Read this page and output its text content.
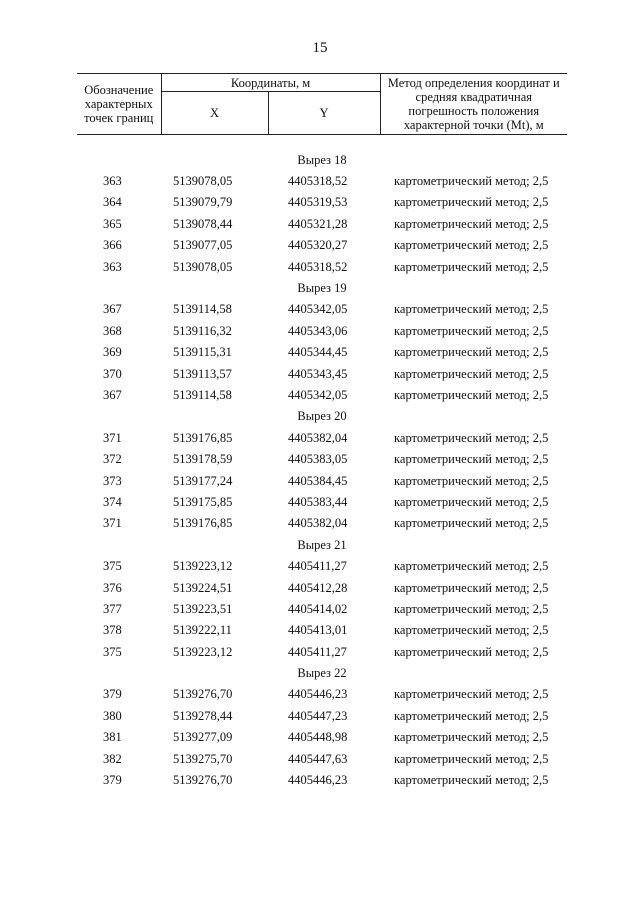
15
Обозначение характерных точек границ	Координаты, м		Метод определения координат и средняя квадратичная погрешность положения характерной точки (Mt), м
	X	Y	

Вырез 18			
363	5139078,05	4405318,52	картометрический метод; 2,5
364	5139079,79	4405319,53	картометрический метод; 2,5
365	5139078,44	4405321,28	картометрический метод; 2,5
366	5139077,05	4405320,27	картометрический метод; 2,5
363	5139078,05	4405318,52	картометрический метод; 2,5
Вырез 19			
367	5139114,58	4405342,05	картометрический метод; 2,5
368	5139116,32	4405343,06	картометрический метод; 2,5
369	5139115,31	4405344,45	картометрический метод; 2,5
370	5139113,57	4405343,45	картометрический метод; 2,5
367	5139114,58	4405342,05	картометрический метод; 2,5
Вырез 20			
371	5139176,85	4405382,04	картометрический метод; 2,5
372	5139178,59	4405383,05	картометрический метод; 2,5
373	5139177,24	4405384,45	картометрический метод; 2,5
374	5139175,85	4405383,44	картометрический метод; 2,5
371	5139176,85	4405382,04	картометрический метод; 2,5
Вырез 21			
375	5139223,12	4405411,27	картометрический метод; 2,5
376	5139224,51	4405412,28	картометрический метод; 2,5
377	5139223,51	4405414,02	картометрический метод; 2,5
378	5139222,11	4405413,01	картометрический метод; 2,5
375	5139223,12	4405411,27	картометрический метод; 2,5
Вырез 22			
379	5139276,70	4405446,23	картометрический метод; 2,5
380	5139278,44	4405447,23	картометрический метод; 2,5
381	5139277,09	4405448,98	картометрический метод; 2,5
382	5139275,70	4405447,63	картометрический метод; 2,5
379	5139276,70	4405446,23	картометрический метод; 2,5
